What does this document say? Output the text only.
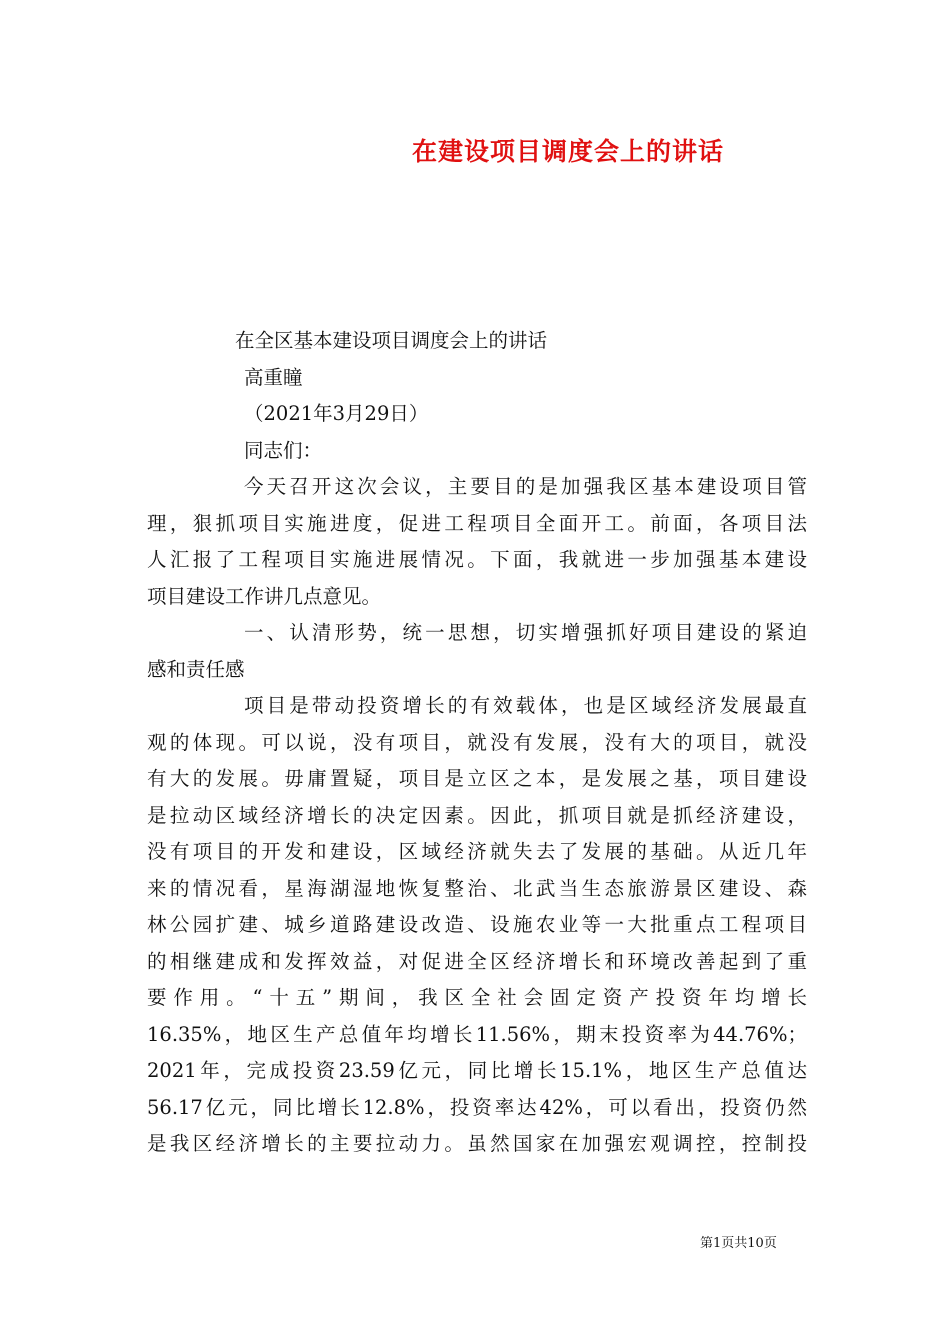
在建设项目调度会上的讲话
在全区基本建设项目调度会上的讲话
高重瞳
（2021年3月29日）
同志们：
今天召开这次会议，主要目的是加强我区基本建设项目管
理，狠抓项目实施进度，促进工程项目全面开工。前面，各项目法
人汇报了工程项目实施进展情况。下面，我就进一步加强基本建设
项目建设工作讲几点意见。
一、认清形势，统一思想，切实增强抓好项目建设的紧迫
感和责任感
项目是带动投资增长的有效载体，也是区域经济发展最直
观的体现。可以说，没有项目，就没有发展，没有大的项目，就没
有大的发展。毋庸置疑，项目是立区之本，是发展之基，项目建设
是拉动区域经济增长的决定因素。因此，抓项目就是抓经济建设，
没有项目的开发和建设，区域经济就失去了发展的基础。从近几年
来的情况看，星海湖湿地恢复整治、北武当生态旅游景区建设、森
林公园扩建、城乡道路建设改造、设施农业等一大批重点工程项目
的相继建成和发挥效益，对促进全区经济增长和环境改善起到了重
要作用。“十五”期间，我区全社会固定资产投资年均增长
16.35%，地区生产总值年均增长11.56%，期末投资率为44.76%；
2021年，完成投资23.59亿元，同比增长15.1%，地区生产总值达
56.17亿元，同比增长12.8%，投资率达42%，可以看出，投资仍然
是我区经济增长的主要拉动力。虽然国家在加强宏观调控，控制投
第1页共10页
